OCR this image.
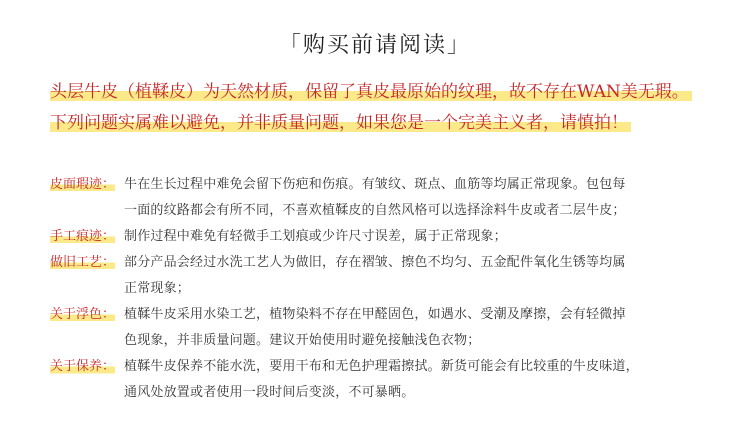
「购买前请阅读」
头层牛皮（植鞣皮）为天然材质，保留了真皮最原始的纹理，故不存在WAN美无瑕。
下列问题实属难以避免，并非质量问题，如果您是一个完美主义者，请慎拍！
皮面瑕迹： 牛在生长过程中难免会留下伤疤和伤痕。有皱纹、斑点、血筋等均属正常现象。包包每
一面的纹路都会有所不同，不喜欢植鞣皮的自然风格可以选择涂料牛皮或者二层牛皮；
手工痕迹： 制作过程中难免有轻微手工划痕或少许尺寸误差，属于正常现象；
做旧工艺： 部分产品会经过水洗工艺人为做旧，存在褶皱、擦色不均匀、五金配件氧化生锈等均属
正常现象；
关于浮色： 植鞣牛皮采用水染工艺，植物染料不存在甲醛固色，如遇水、受潮及摩擦，会有轻微掉
色现象，并非质量问题。建议开始使用时避免接触浅色衣物；
关于保养： 植鞣牛皮保养不能水洗，要用干布和无色护理霜擦拭。新货可能会有比较重的牛皮味道，
通风处放置或者使用一段时间后变淡，不可暴晒。
